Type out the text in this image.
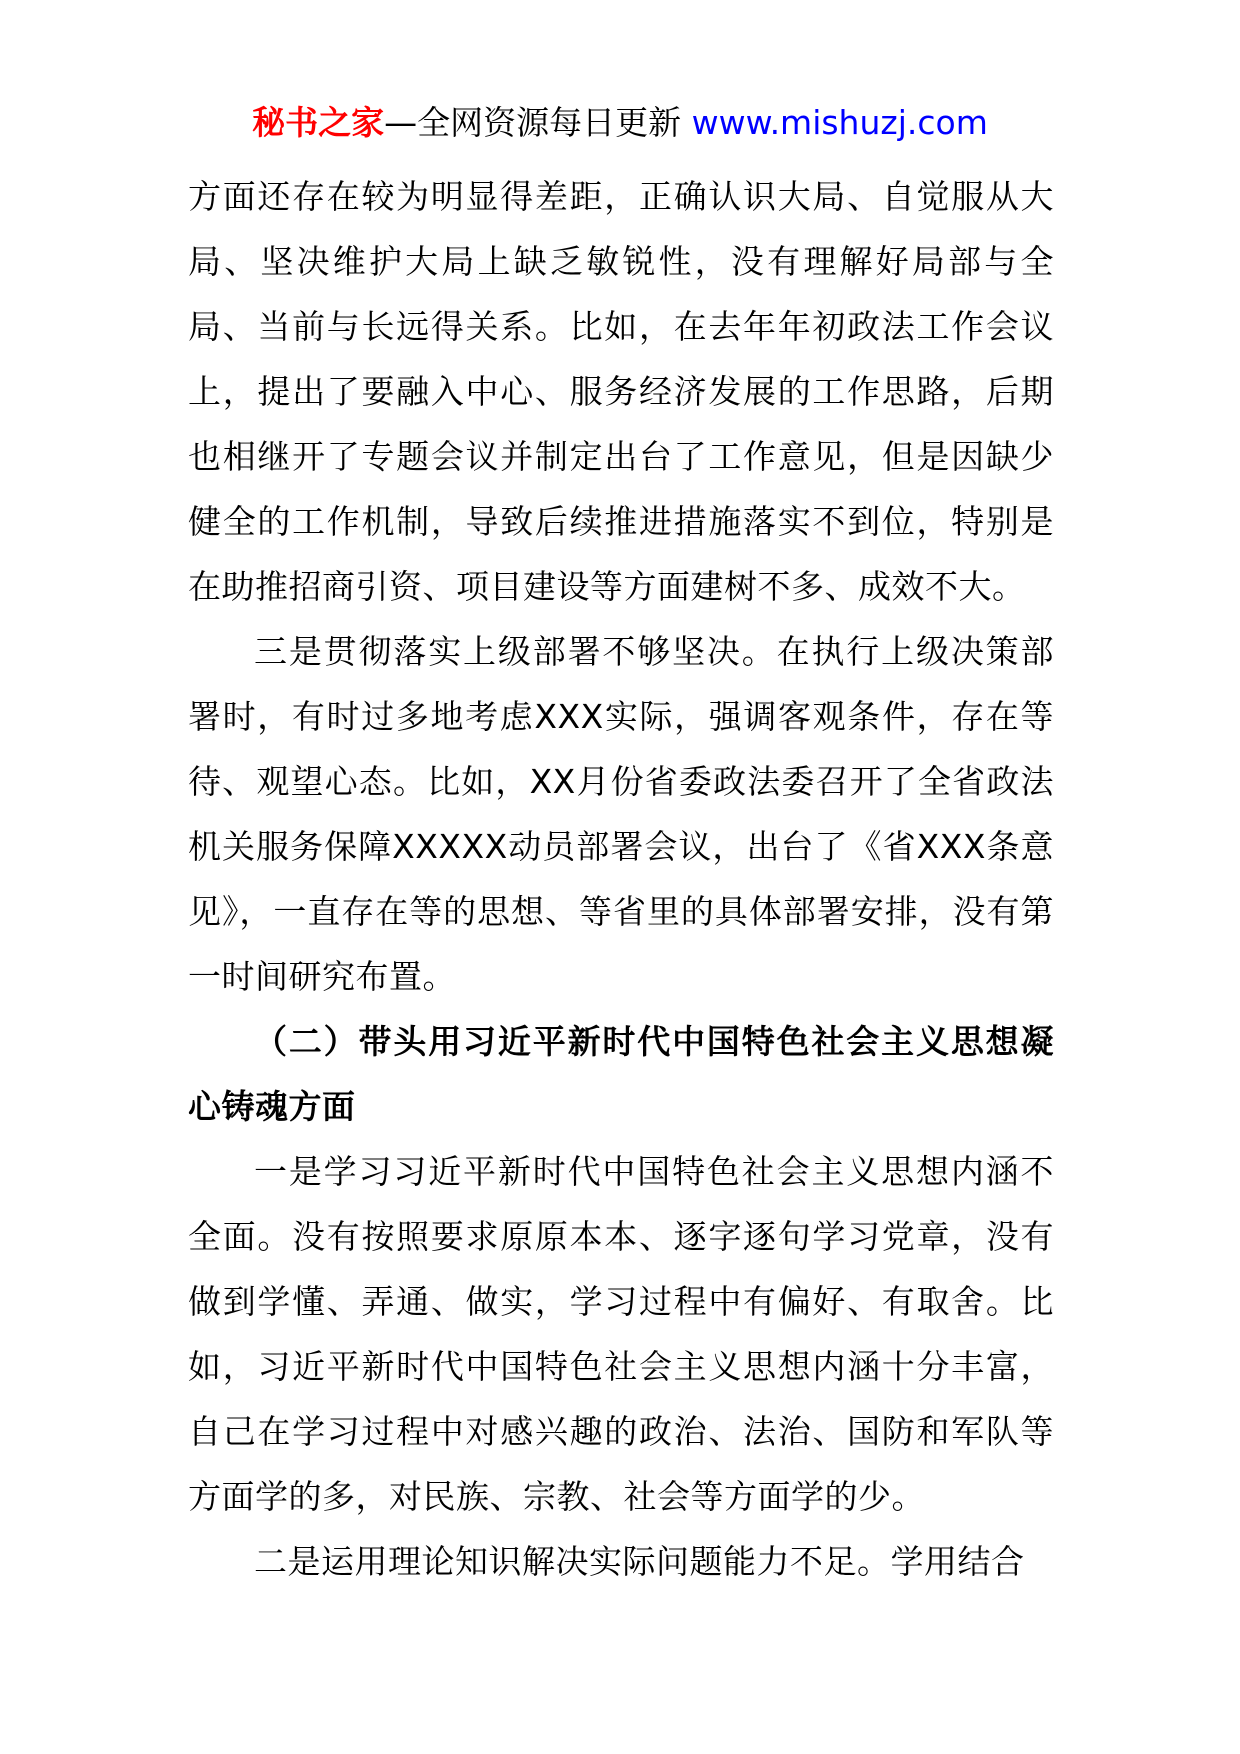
秘书之家—全网资源每日更新 www.mishuzj.com

方面还存在较为明显得差距，正确认识大局、自觉服从大局、坚决维护大局上缺乏敏锐性，没有理解好局部与全局、当前与长远得关系。比如，在去年年初政法工作会议上，提出了要融入中心、服务经济发展的工作思路，后期也相继开了专题会议并制定出台了工作意见，但是因缺少健全的工作机制，导致后续推进措施落实不到位，特别是在助推招商引资、项目建设等方面建树不多、成效不大。

三是贯彻落实上级部署不够坚决。在执行上级决策部署时，有时过多地考虑XXX实际，强调客观条件，存在等待、观望心态。比如，XX月份省委政法委召开了全省政法机关服务保障XXXXX动员部署会议，出台了《省XXX条意见》，一直存在等的思想、等省里的具体部署安排，没有第一时间研究布置。

（二）带头用习近平新时代中国特色社会主义思想凝心铸魂方面

一是学习习近平新时代中国特色社会主义思想内涵不全面。没有按照要求原原本本、逐字逐句学习党章，没有做到学懂、弄通、做实，学习过程中有偏好、有取舍。比如，习近平新时代中国特色社会主义思想内涵十分丰富，自己在学习过程中对感兴趣的政治、法治、国防和军队等方面学的多，对民族、宗教、社会等方面学的少。

二是运用理论知识解决实际问题能力不足。学用结合
